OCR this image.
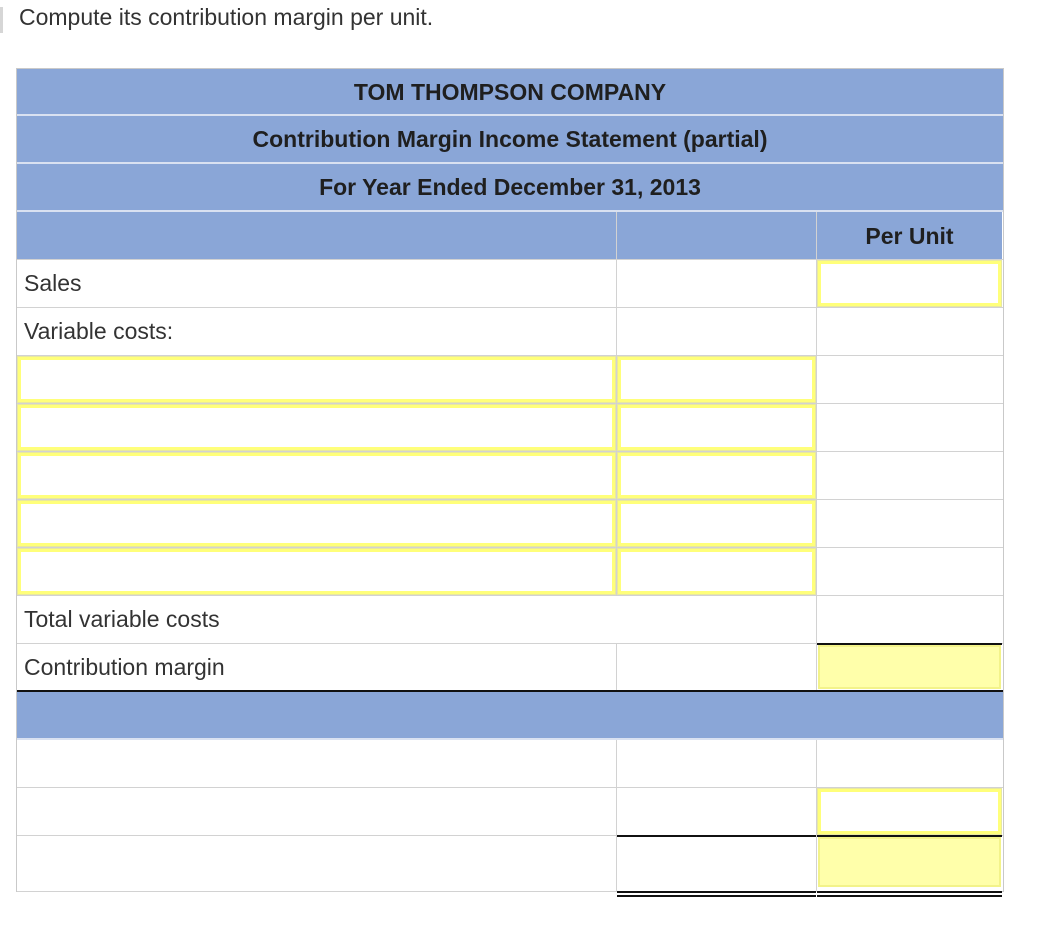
Compute its contribution margin per unit.
TOM THOMPSON COMPANY
Contribution Margin Income Statement (partial)
For Year Ended December 31, 2013
Per Unit
Sales
Variable costs:
Total variable costs
Contribution margin
